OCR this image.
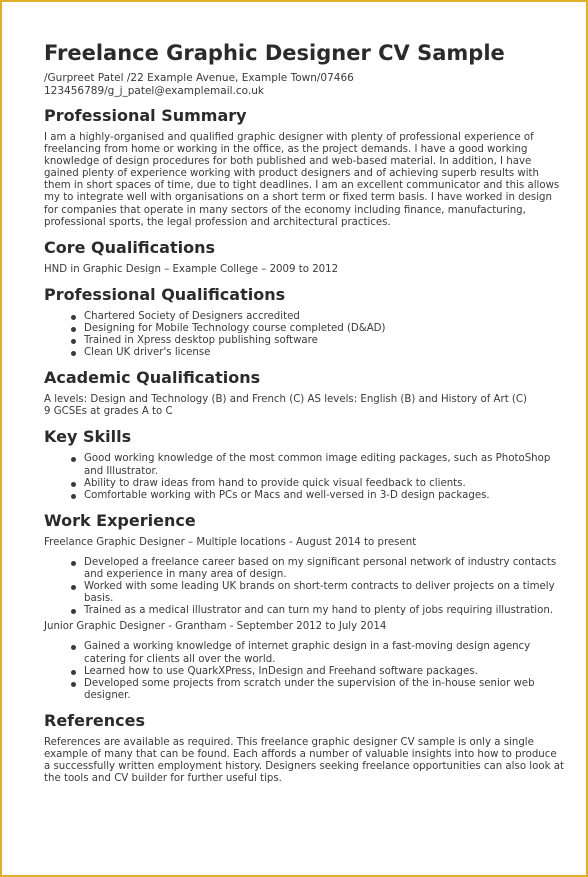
Freelance Graphic Designer CV Sample
/Gurpreet Patel /22 Example Avenue, Example Town/07466
123456789/g_j_patel@examplemail.co.uk
Professional Summary

I am a highly-organised and qualified graphic designer with plenty of professional experience of freelancing from home or working in the office, as the project demands. I have a good working knowledge of design procedures for both published and web-based material. In addition, I have gained plenty of experience working with product designers and of achieving superb results with them in short spaces of time, due to tight deadlines. I am an excellent communicator and this allows my to integrate well with organisations on a short term or fixed term basis. I have worked in design for companies that operate in many sectors of the economy including finance, manufacturing, professional sports, the legal profession and architectural practices.

Core Qualifications

HND in Graphic Design – Example College – 2009 to 2012

Professional Qualifications
Chartered Society of Designers accredited
Designing for Mobile Technology course completed (D&AD)
Trained in Xpress desktop publishing software
Clean UK driver's license
Academic Qualifications

A levels: Design and Technology (B) and French (C) AS levels: English (B) and History of Art (C)

9 GCSEs at grades A to C

Key Skills
Good working knowledge of the most common image editing packages, such as PhotoShop and Illustrator.
Ability to draw ideas from hand to provide quick visual feedback to clients.
Comfortable working with PCs or Macs and well-versed in 3-D design packages.
Work Experience
Freelance Graphic Designer – Multiple locations - August 2014 to present
Developed a freelance career based on my significant personal network of industry contacts and experience in many area of design.
Worked with some leading UK brands on short-term contracts to deliver projects on a timely basis.
Trained as a medical illustrator and can turn my hand to plenty of jobs requiring illustration.
Junior Graphic Designer - Grantham - September 2012 to July 2014
Gained a working knowledge of internet graphic design in a fast-moving design agency catering for clients all over the world.
Learned how to use QuarkXPress, InDesign and Freehand software packages.
Developed some projects from scratch under the supervision of the in-house senior web designer.
References

References are available as required. This freelance graphic designer CV sample is only a single example of many that can be found. Each affords a number of valuable insights into how to produce a successfully written employment history. Designers seeking freelance opportunities can also look at the tools and CV builder for further useful tips.
